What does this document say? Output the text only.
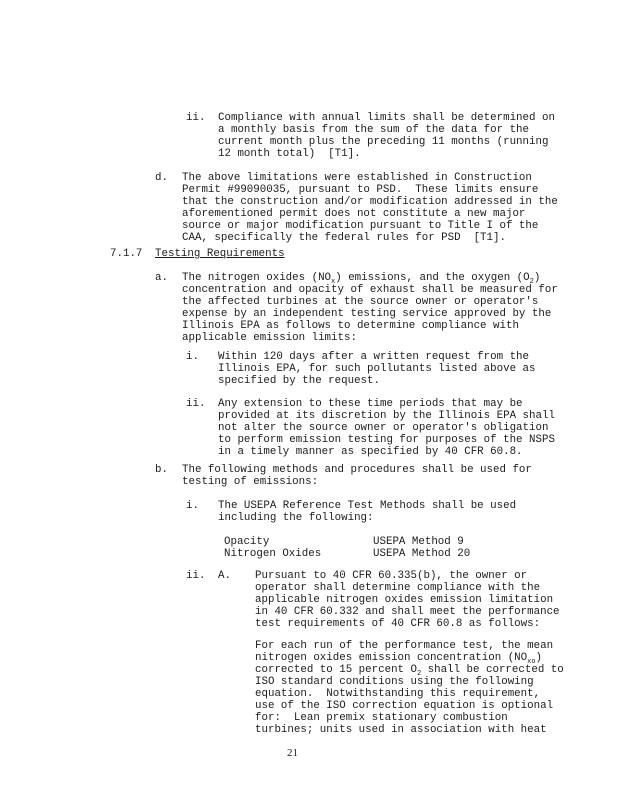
ii. Compliance with annual limits shall be determined on
a monthly basis from the sum of the data for the
current month plus the preceding 11 months (running
12 month total)  [T1].
d. The above limitations were established in Construction
Permit #99090035, pursuant to PSD.  These limits ensure
that the construction and/or modification addressed in the
aforementioned permit does not constitute a new major
source or major modification pursuant to Title I of the
CAA, specifically the federal rules for PSD  [T1].
7.1.7 Testing Requirements
a. The nitrogen oxides $(NO_x)$ emissions, and the oxygen $(O_2)$
concentration and opacity of exhaust shall be measured for
the affected turbines at the source owner or operator's
expense by an independent testing service approved by the
Illinois EPA as follows to determine compliance with
applicable emission limits:
i. Within 120 days after a written request from the
Illinois EPA, for such pollutants listed above as
specified by the request.
ii. Any extension to these time periods that may be
provided at its discretion by the Illinois EPA shall
not alter the source owner or operator's obligation
to perform emission testing for purposes of the NSPS
in a timely manner as specified by 40 CFR 60.8.
b. The following methods and procedures shall be used for
testing of emissions:
i. The USEPA Reference Test Methods shall be used
including the following:
Opacity	USEPA Method 9
Nitrogen Oxides	USEPA Method 20
ii. A. Pursuant to 40 CFR 60.335(b), the owner or
operator shall determine compliance with the
applicable nitrogen oxides emission limitation
in 40 CFR 60.332 and shall meet the performance
test requirements of 40 CFR 60.8 as follows:
For each run of the performance test, the mean
nitrogen oxides emission concentration $(NO_{xo})$
corrected to 15 percent $O_2$ shall be corrected to
ISO standard conditions using the following
equation.  Notwithstanding this requirement,
use of the ISO correction equation is optional
for:  Lean premix stationary combustion
turbines; units used in association with heat
21
